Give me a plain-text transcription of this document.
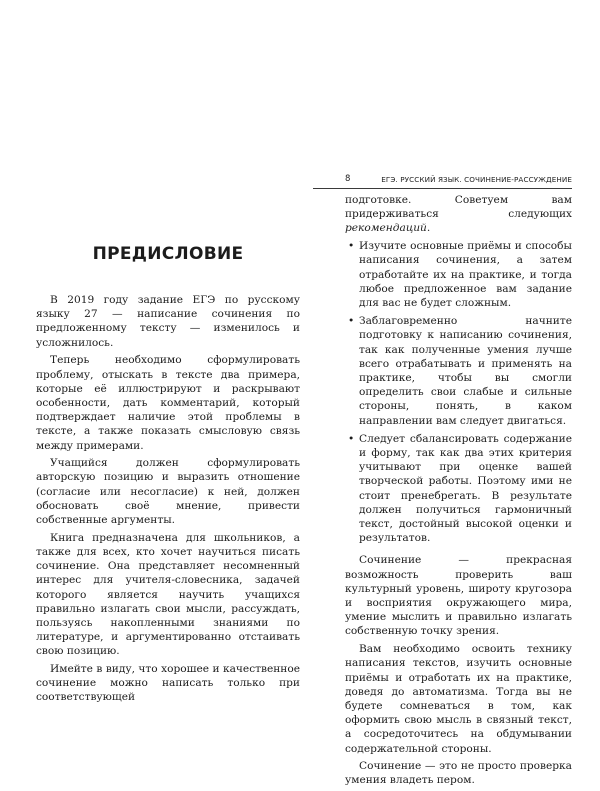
ПРЕДИСЛОВИЕ

В 2019 году задание ЕГЭ по русскому языку 27 — написание сочинения по предложенному тексту — изменилось и усложнилось.

Теперь необходимо сформулировать проблему, отыскать в тексте два примера, которые её иллюстрируют и раскрывают особенности, дать комментарий, который подтверждает наличие этой проблемы в тексте, а также показать смысловую связь между примерами.

Учащийся должен сформулировать авторскую позицию и выразить отношение (согласие или несогласие) к ней, должен обосновать своё мнение, привести собственные аргументы.

Книга предназначена для школьников, а также для всех, кто хочет научиться писать сочинение. Она представляет несомненный интерес для учителя-словесника, задачей которого является научить учащихся правильно излагать свои мысли, рассуждать, пользуясь накопленными знаниями по литературе, и аргументированно отстаивать свою позицию.

Имейте в виду, что хорошее и качественное сочинение можно написать только при соответствующей

8	ЕГЭ. РУССКИЙ ЯЗЫК. СОЧИНЕНИЕ-РАССУЖДЕНИЕ

подготовке. Советуем вам придерживаться следующих рекомендаций.

• Изучите основные приёмы и способы написания сочинения, а затем отработайте их на практике, и тогда любое предложенное вам задание для вас не будет сложным.
• Заблаговременно начните подготовку к написанию сочинения, так как полученные умения лучше всего отрабатывать и применять на практике, чтобы вы смогли определить свои слабые и сильные стороны, понять, в каком направлении вам следует двигаться.
• Следует сбалансировать содержание и форму, так как два этих критерия учитывают при оценке вашей творческой работы. Поэтому ими не стоит пренебрегать. В результате должен получиться гармоничный текст, достойный высокой оценки и результатов.

Сочинение — прекрасная возможность проверить ваш культурный уровень, широту кругозора и восприятия окружающего мира, умение мыслить и правильно излагать собственную точку зрения.

Вам необходимо освоить технику написания текстов, изучить основные приёмы и отработать их на практике, доведя до автоматизма. Тогда вы не будете сомневаться в том, как оформить свою мысль в связный текст, а сосредоточитесь на обдумывании содержательной стороны.

Сочинение — это не просто проверка умения владеть пером.
